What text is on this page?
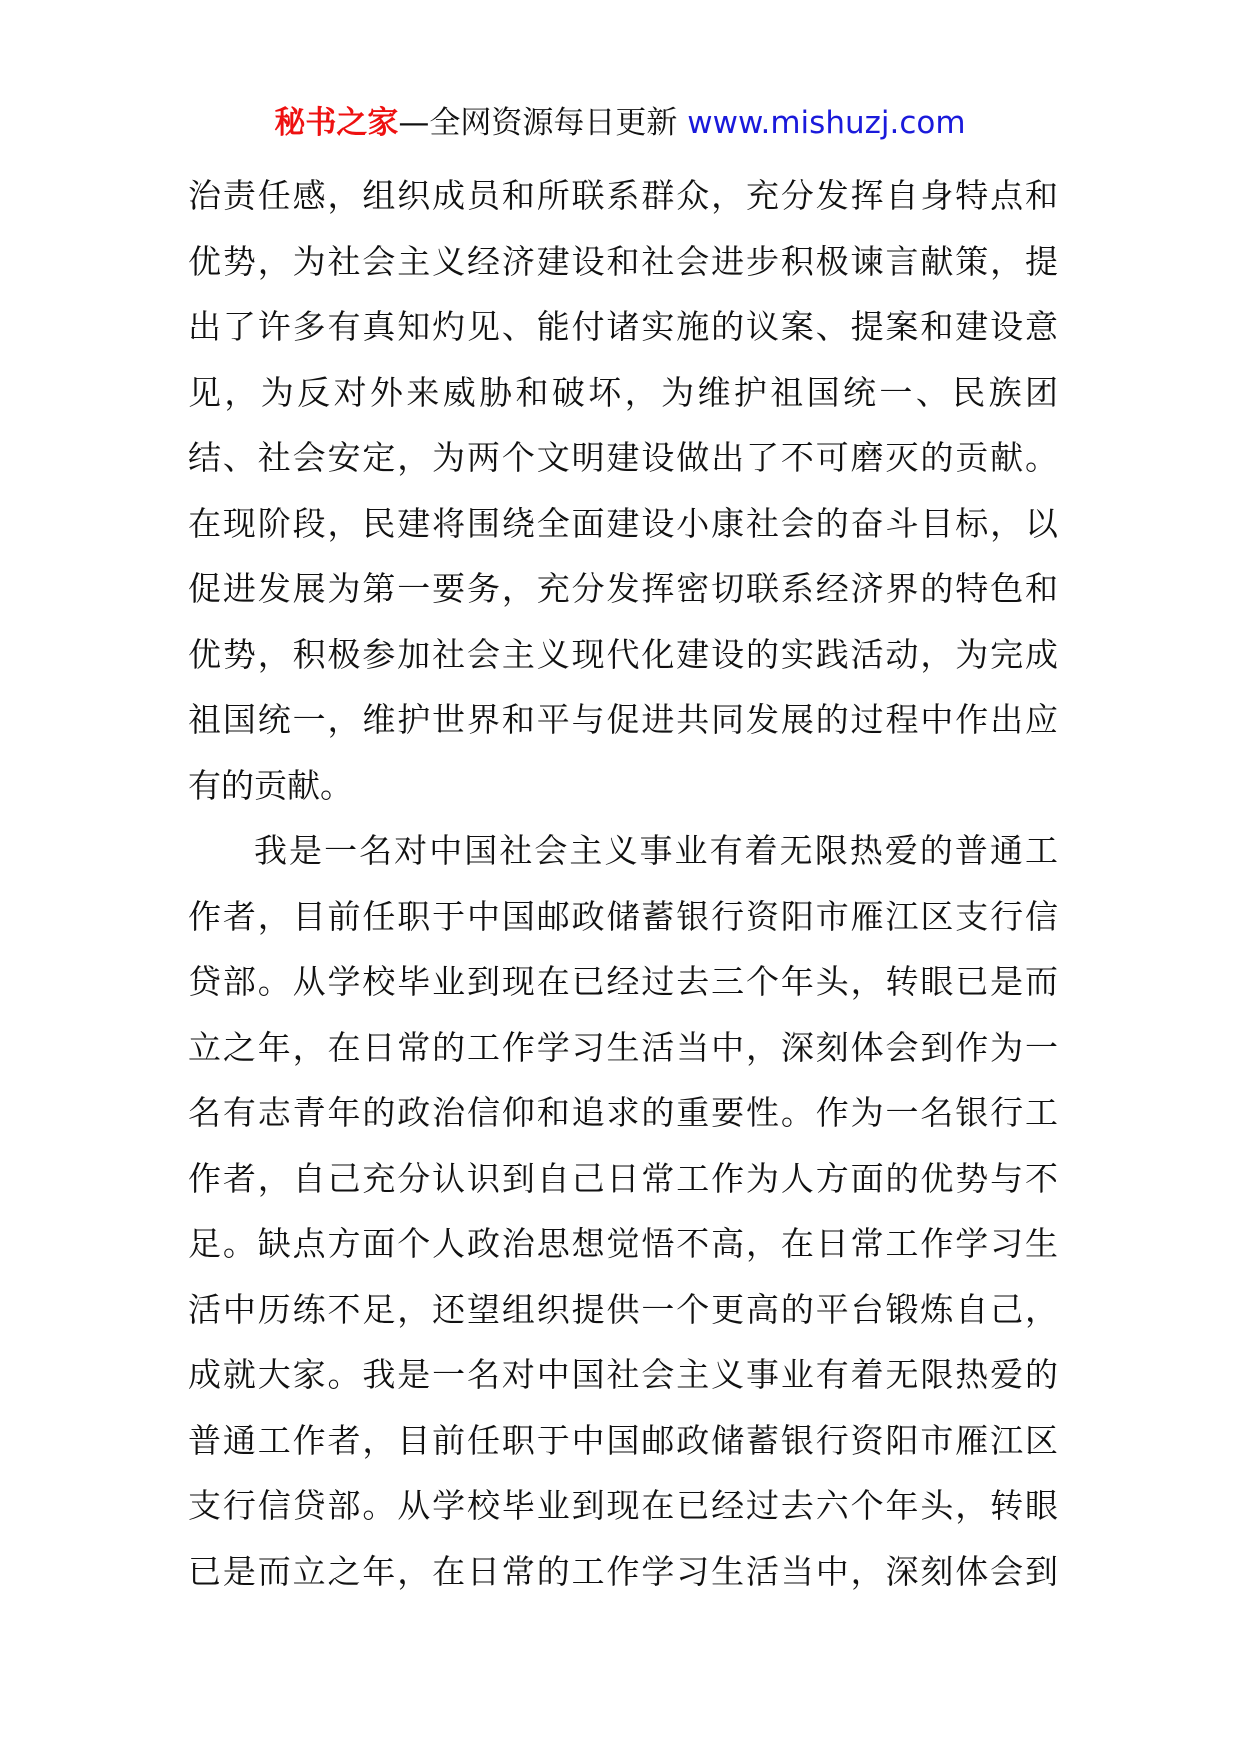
秘书之家—全网资源每日更新 www.mishuzj.com
治责任感，组织成员和所联系群众，充分发挥自身特点和
优势，为社会主义经济建设和社会进步积极谏言献策，提
出了许多有真知灼见、能付诸实施的议案、提案和建设意
见，为反对外来威胁和破坏，为维护祖国统一、民族团
结、社会安定，为两个文明建设做出了不可磨灭的贡献。
在现阶段，民建将围绕全面建设小康社会的奋斗目标，以
促进发展为第一要务，充分发挥密切联系经济界的特色和
优势，积极参加社会主义现代化建设的实践活动，为完成
祖国统一，维护世界和平与促进共同发展的过程中作出应
有的贡献。
我是一名对中国社会主义事业有着无限热爱的普通工
作者，目前任职于中国邮政储蓄银行资阳市雁江区支行信
贷部。从学校毕业到现在已经过去三个年头，转眼已是而
立之年，在日常的工作学习生活当中，深刻体会到作为一
名有志青年的政治信仰和追求的重要性。作为一名银行工
作者，自己充分认识到自己日常工作为人方面的优势与不
足。缺点方面个人政治思想觉悟不高，在日常工作学习生
活中历练不足，还望组织提供一个更高的平台锻炼自己，
成就大家。我是一名对中国社会主义事业有着无限热爱的
普通工作者，目前任职于中国邮政储蓄银行资阳市雁江区
支行信贷部。从学校毕业到现在已经过去六个年头，转眼
已是而立之年，在日常的工作学习生活当中，深刻体会到
